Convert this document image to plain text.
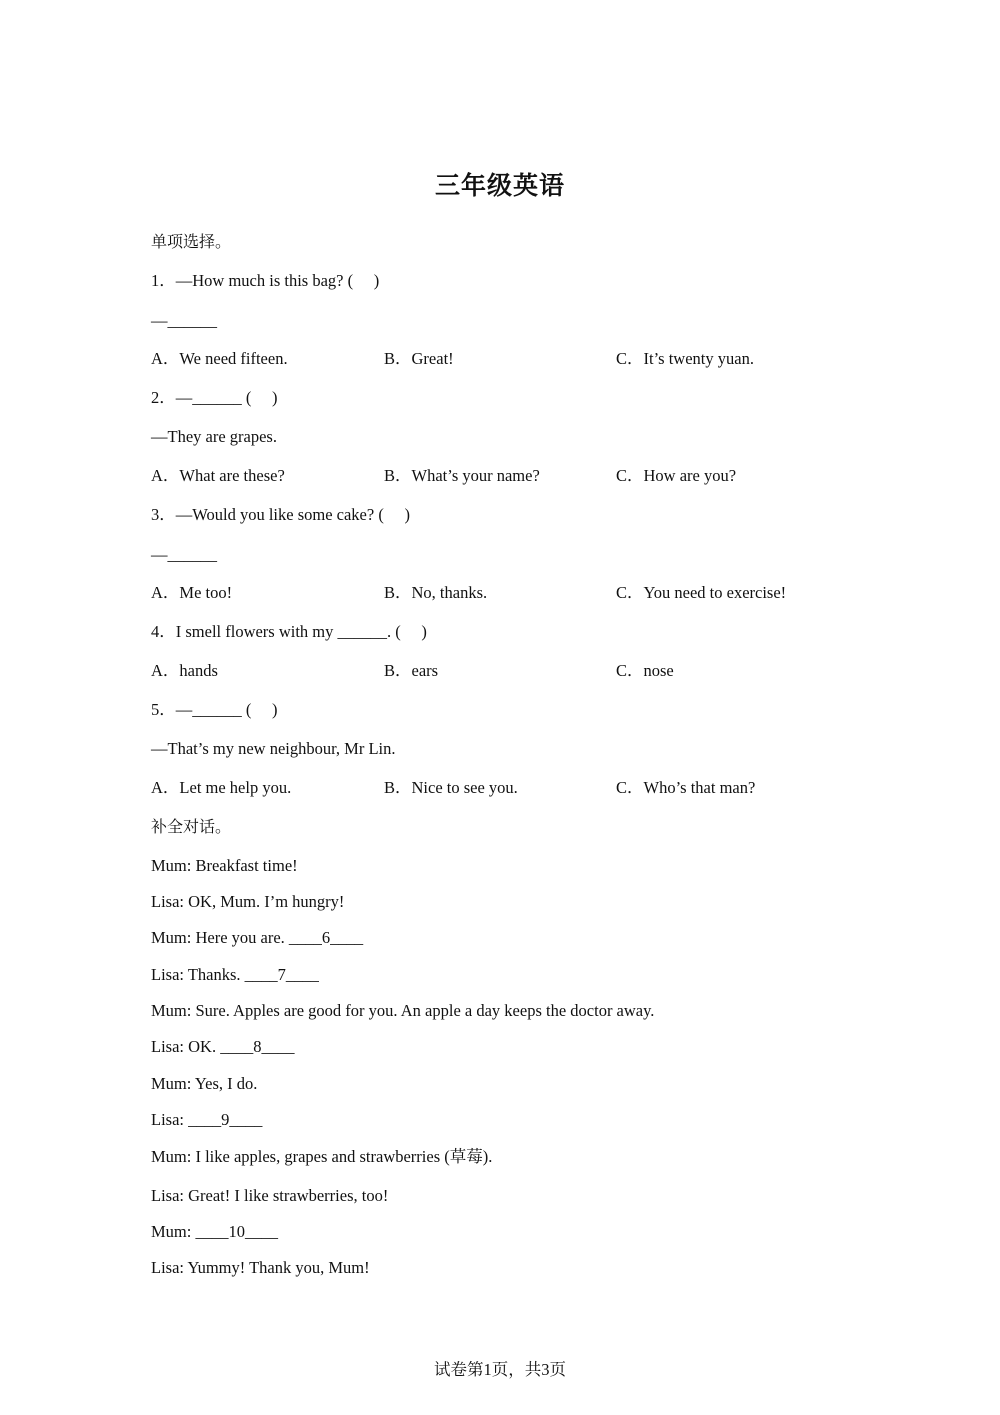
三年级英语
单项选择。
1．—How much is this bag? (     )
—______
A．We need fifteen.	B．Great!	C．It’s twenty yuan.
2．—______ (     )
—They are grapes.
A．What are these?	B．What’s your name?	C．How are you?
3．—Would you like some cake? (     )
—______
A．Me too!	B．No, thanks.	C．You need to exercise!
4．I smell flowers with my ______. (     )
A．hands	B．ears	C．nose
5．—______ (     )
—That’s my new neighbour, Mr Lin.
A．Let me help you.	B．Nice to see you.	C．Who’s that man?
补全对话。
Mum: Breakfast time!
Lisa: OK, Mum. I’m hungry!
Mum: Here you are. ____6____
Lisa: Thanks. ____7____
Mum: Sure. Apples are good for you. An apple a day keeps the doctor away.
Lisa: OK. ____8____
Mum: Yes, I do.
Lisa: ____9____
Mum: I like apples, grapes and strawberries (草莓).
Lisa: Great! I like strawberries, too!
Mum: ____10____
Lisa: Yummy! Thank you, Mum!
试卷第1页，共3页
